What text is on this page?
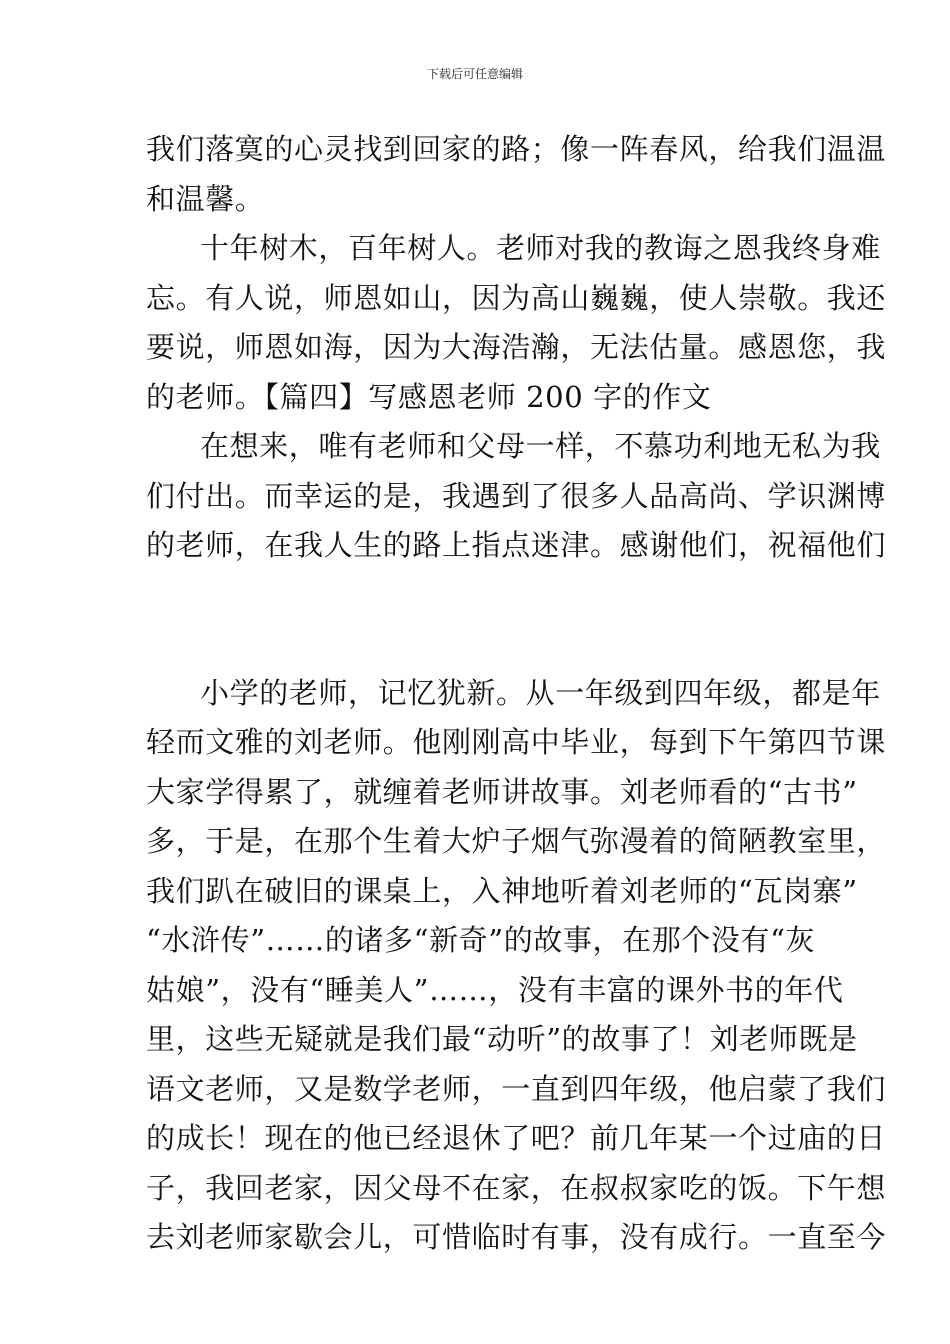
下载后可任意编辑
我们落寞的心灵找到回家的路；像一阵春风，给我们温温
和温馨。
十年树木，百年树人。老师对我的教诲之恩我终身难
忘。有人说，师恩如山，因为高山巍巍，使人崇敬。我还
要说，师恩如海，因为大海浩瀚，无法估量。感恩您，我
的老师。【篇四】写感恩老师 200 字的作文
在想来，唯有老师和父母一样，不慕功利地无私为我
们付出。而幸运的是，我遇到了很多人品高尚、学识渊博
的老师，在我人生的路上指点迷津。感谢他们，祝福他们
小学的老师，记忆犹新。从一年级到四年级，都是年
轻而文雅的刘老师。他刚刚高中毕业，每到下午第四节课
大家学得累了，就缠着老师讲故事。刘老师看的“古书”
多，于是，在那个生着大炉子烟气弥漫着的简陋教室里，
我们趴在破旧的课桌上，入神地听着刘老师的“瓦岗寨”
“水浒传”……的诸多“新奇”的故事，在那个没有“灰
姑娘”，没有“睡美人”……，没有丰富的课外书的年代
里，这些无疑就是我们最“动听”的故事了！刘老师既是
语文老师，又是数学老师，一直到四年级，他启蒙了我们
的成长！现在的他已经退休了吧？前几年某一个过庙的日
子，我回老家，因父母不在家，在叔叔家吃的饭。下午想
去刘老师家歇会儿，可惜临时有事，没有成行。一直至今
